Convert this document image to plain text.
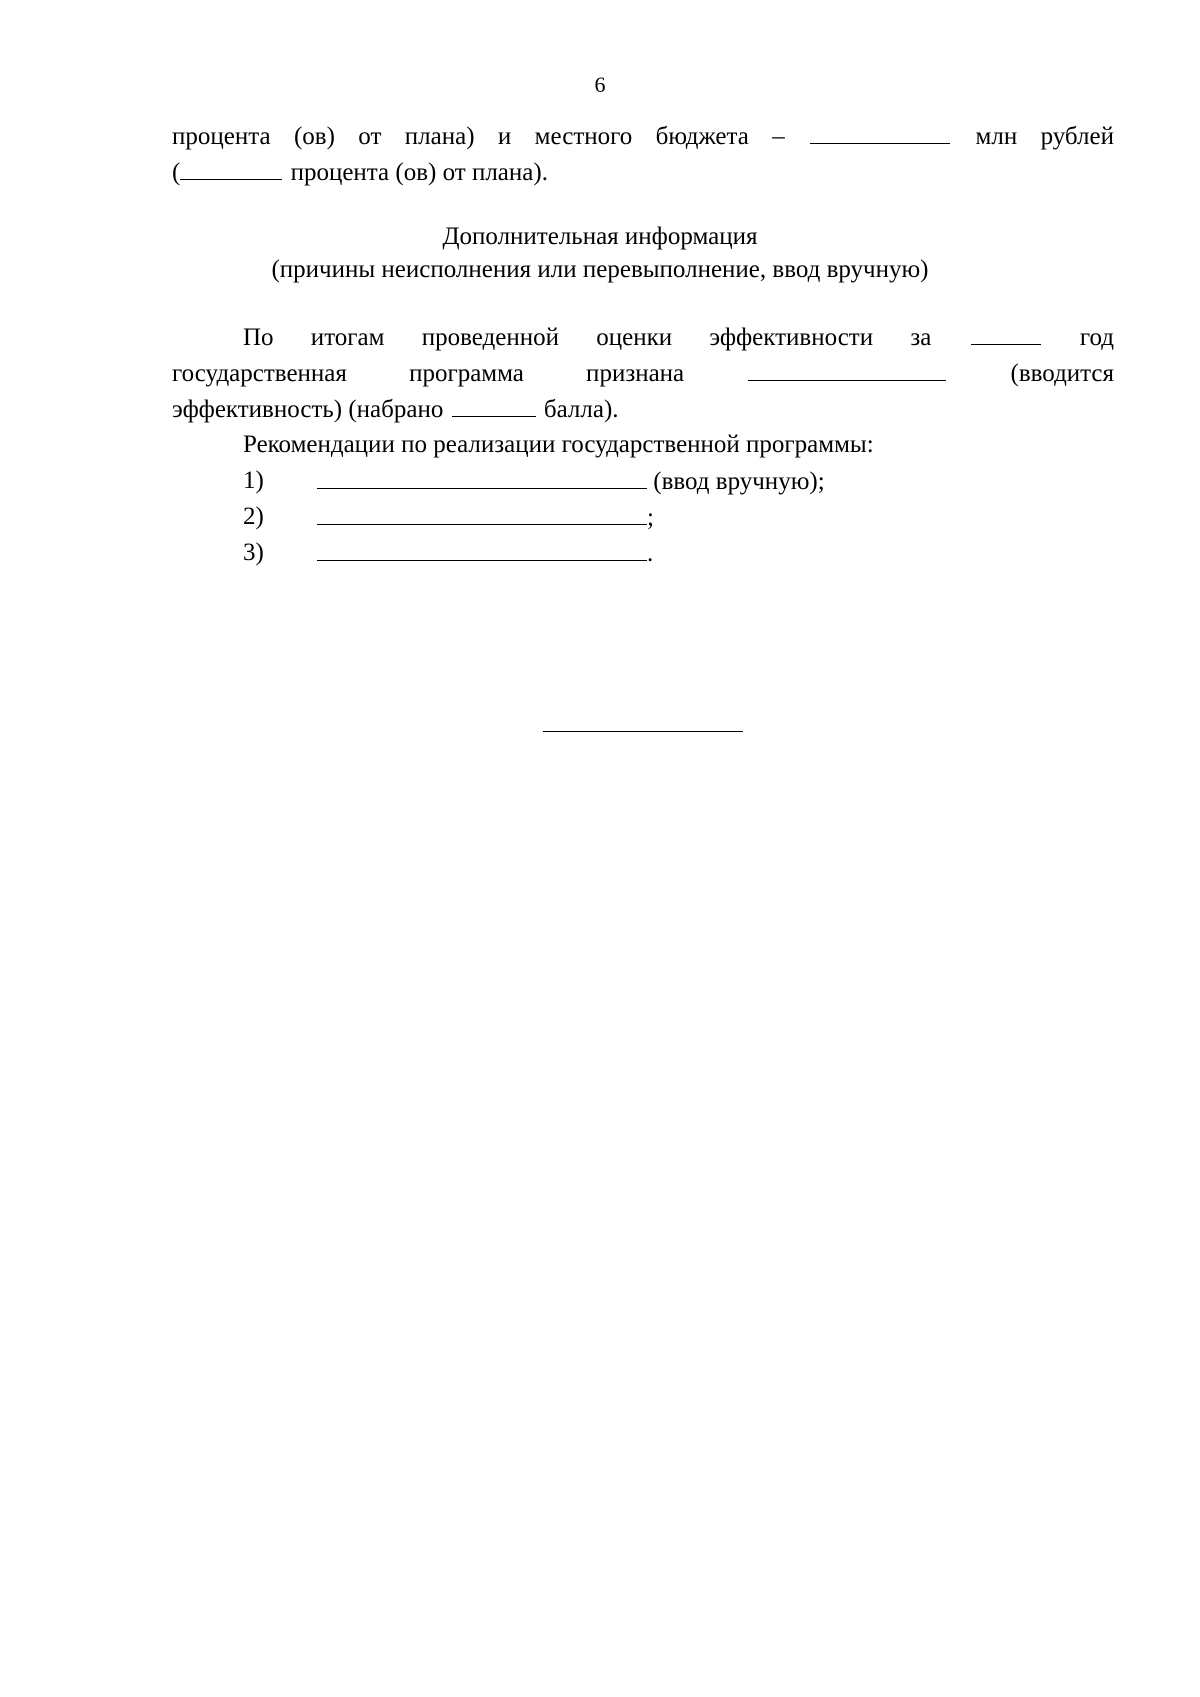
6
процента (ов) от плана) и местного бюджета –	млн рублей
(	процента (ов) от плана).
Дополнительная информация
(причины неисполнения или перевыполнение, ввод вручную)
По итогам проведенной оценки эффективности за	год
государственная программа признана	(вводится
эффективность) (набрано	балла).
Рекомендации по реализации государственной программы:
1)	(ввод вручную);
2)	;
3)	.
